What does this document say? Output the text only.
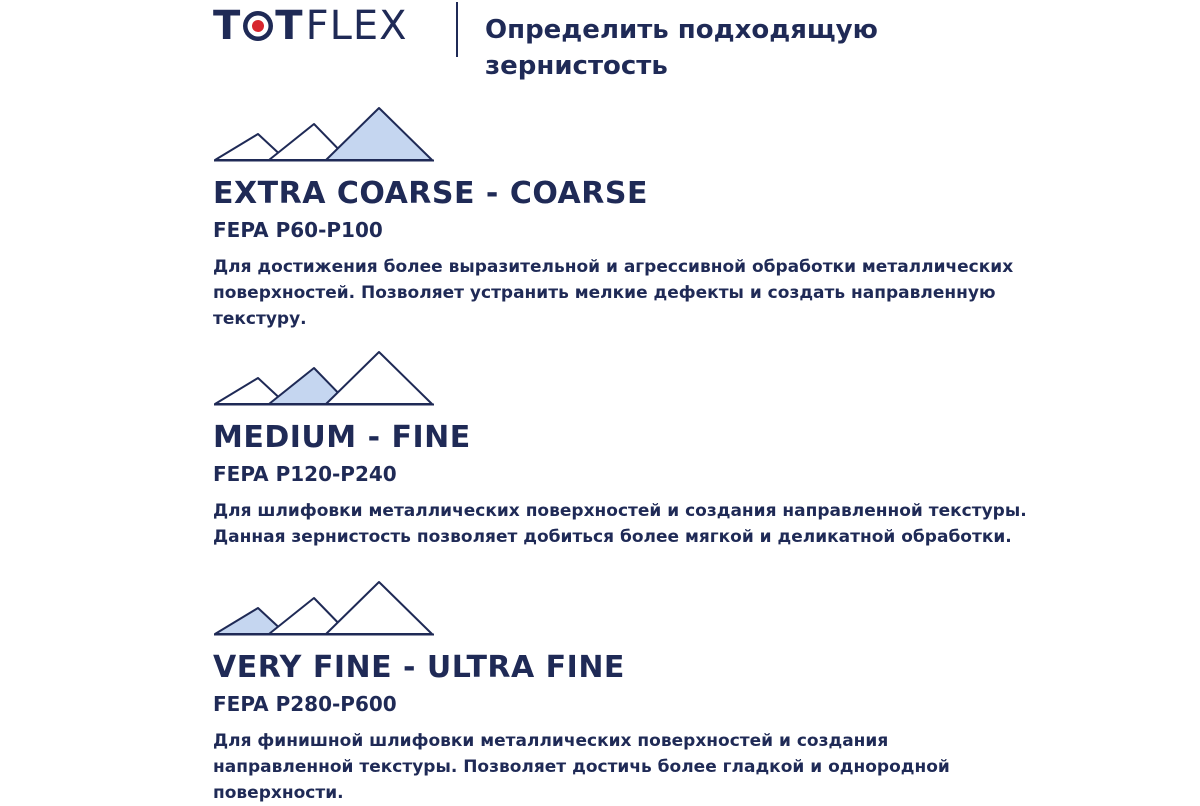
T T FLEX	Определить подходящую зернистость
EXTRA COARSE - COARSE
FEPA P60-P100
Для достижения более выразительной и агрессивной обработки металлических поверхностей. Позволяет устранить мелкие дефекты и создать направленную текстуру.
MEDIUM - FINE
FEPA P120-P240
Для шлифовки металлических поверхностей и создания направленной текстуры. Данная зернистость позволяет добиться более мягкой и деликатной обработки.
VERY FINE - ULTRA FINE
FEPA P280-P600
Для финишной шлифовки металлических поверхностей и создания направленной текстуры. Позволяет достичь более гладкой и однородной поверхности.
